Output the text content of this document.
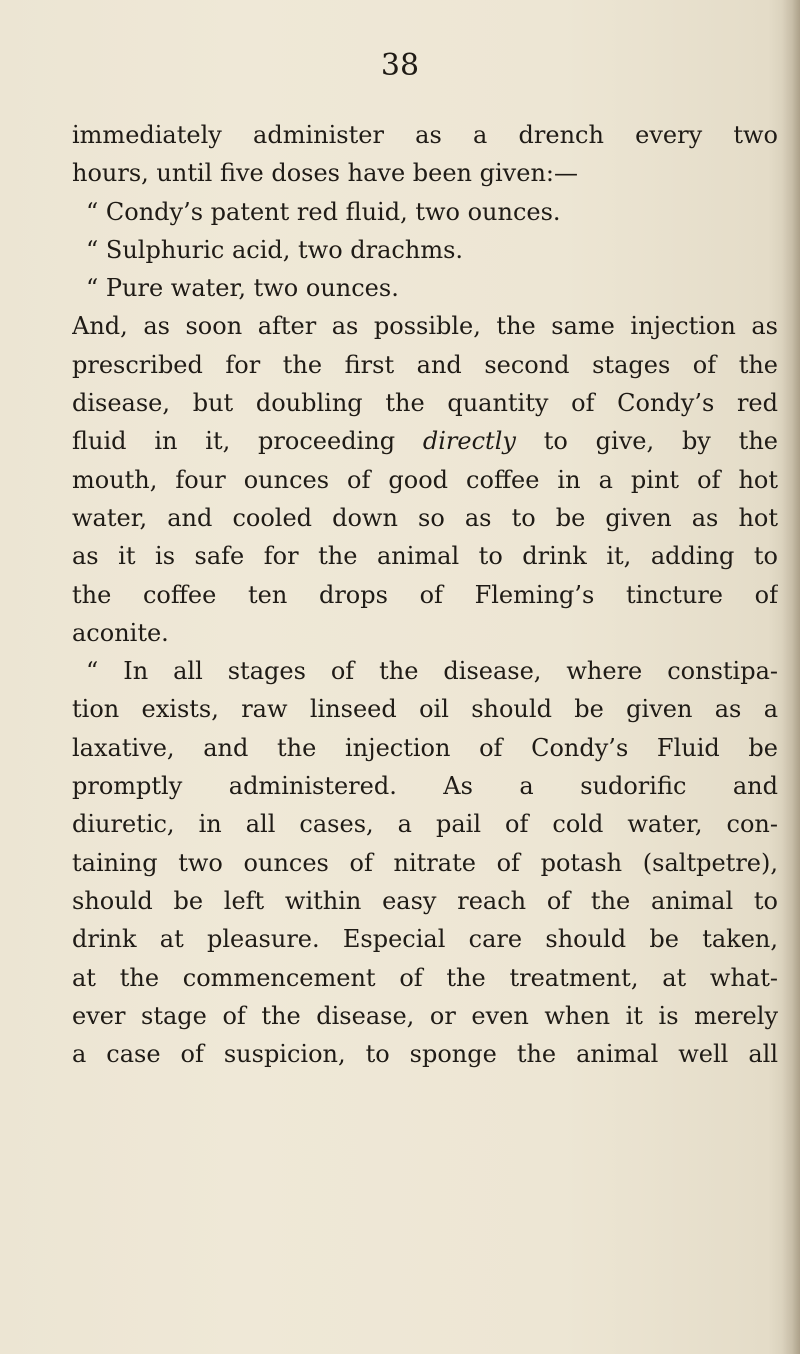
38
immediately administer as a drench every two
hours, until five doses have been given:—
“ Condy’s patent red fluid, two ounces.
“ Sulphuric acid, two drachms.
“ Pure water, two ounces.
And, as soon after as possible, the same injection as
prescribed for the first and second stages of the
disease, but doubling the quantity of Condy’s red
fluid in it, proceeding directly to give, by the
mouth, four ounces of good coffee in a pint of hot
water, and cooled down so as to be given as hot
as it is safe for the animal to drink it, adding to
the coffee ten drops of Fleming’s tincture of
aconite.
“ In all stages of the disease, where constipa-
tion exists, raw linseed oil should be given as a
laxative, and the injection of Condy’s Fluid be
promptly administered. As a sudorific and
diuretic, in all cases, a pail of cold water, con-
taining two ounces of nitrate of potash (saltpetre),
should be left within easy reach of the animal to
drink at pleasure. Especial care should be taken,
at the commencement of the treatment, at what-
ever stage of the disease, or even when it is merely
a case of suspicion, to sponge the animal well all
